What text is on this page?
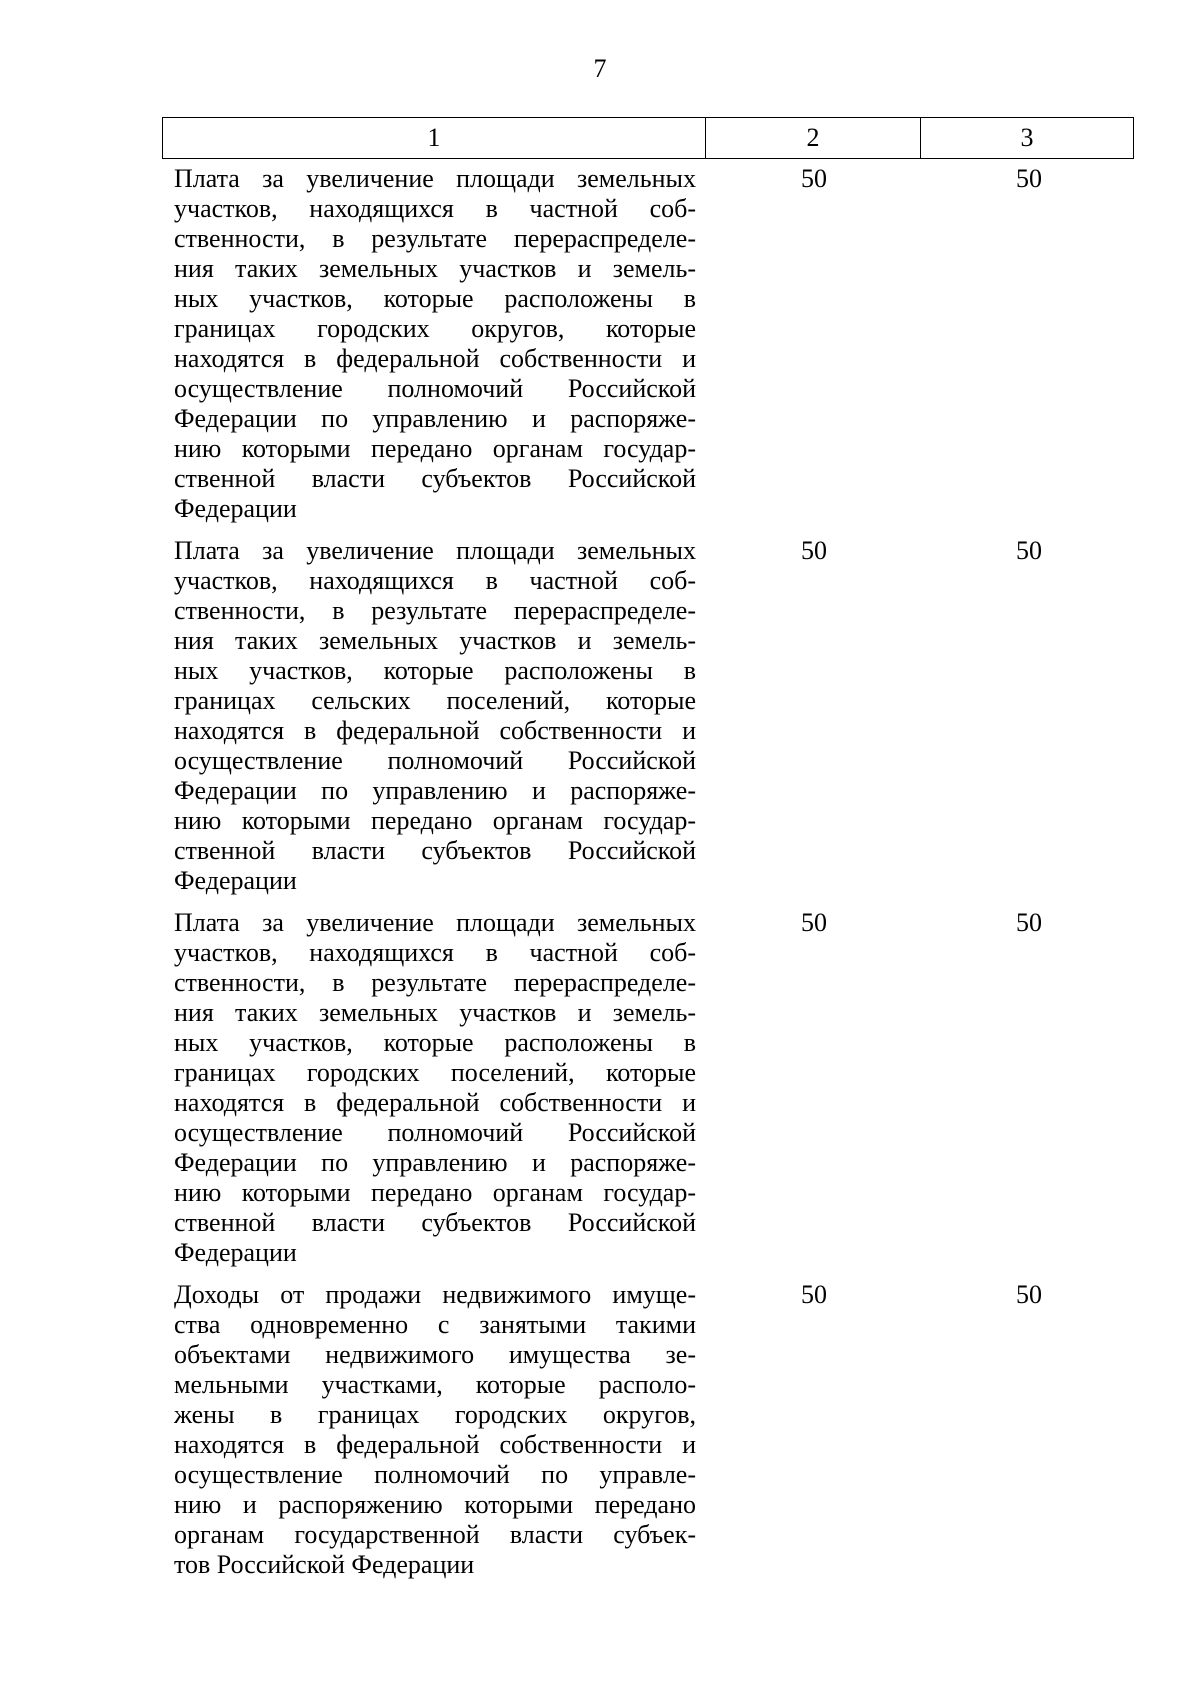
7
1	2	3
Плата за увеличение площади земельных
участков, находящихся в частной соб-
ственности, в результате перераспределе-
ния таких земельных участков и земель-
ных участков, которые расположены в
границах городских округов, которые
находятся в федеральной собственности и
осуществление полномочий Российской
Федерации по управлению и распоряже-
нию которыми передано органам государ-
ственной власти субъектов Российской
Федерации
50	50
Плата за увеличение площади земельных
участков, находящихся в частной соб-
ственности, в результате перераспределе-
ния таких земельных участков и земель-
ных участков, которые расположены в
границах сельских поселений, которые
находятся в федеральной собственности и
осуществление полномочий Российской
Федерации по управлению и распоряже-
нию которыми передано органам государ-
ственной власти субъектов Российской
Федерации
50	50
Плата за увеличение площади земельных
участков, находящихся в частной соб-
ственности, в результате перераспределе-
ния таких земельных участков и земель-
ных участков, которые расположены в
границах городских поселений, которые
находятся в федеральной собственности и
осуществление полномочий Российской
Федерации по управлению и распоряже-
нию которыми передано органам государ-
ственной власти субъектов Российской
Федерации
50	50
Доходы от продажи недвижимого имуще-
ства одновременно с занятыми такими
объектами недвижимого имущества зе-
мельными участками, которые располо-
жены в границах городских округов,
находятся в федеральной собственности и
осуществление полномочий по управле-
нию и распоряжению которыми передано
органам государственной власти субъек-
тов Российской Федерации
50	50
